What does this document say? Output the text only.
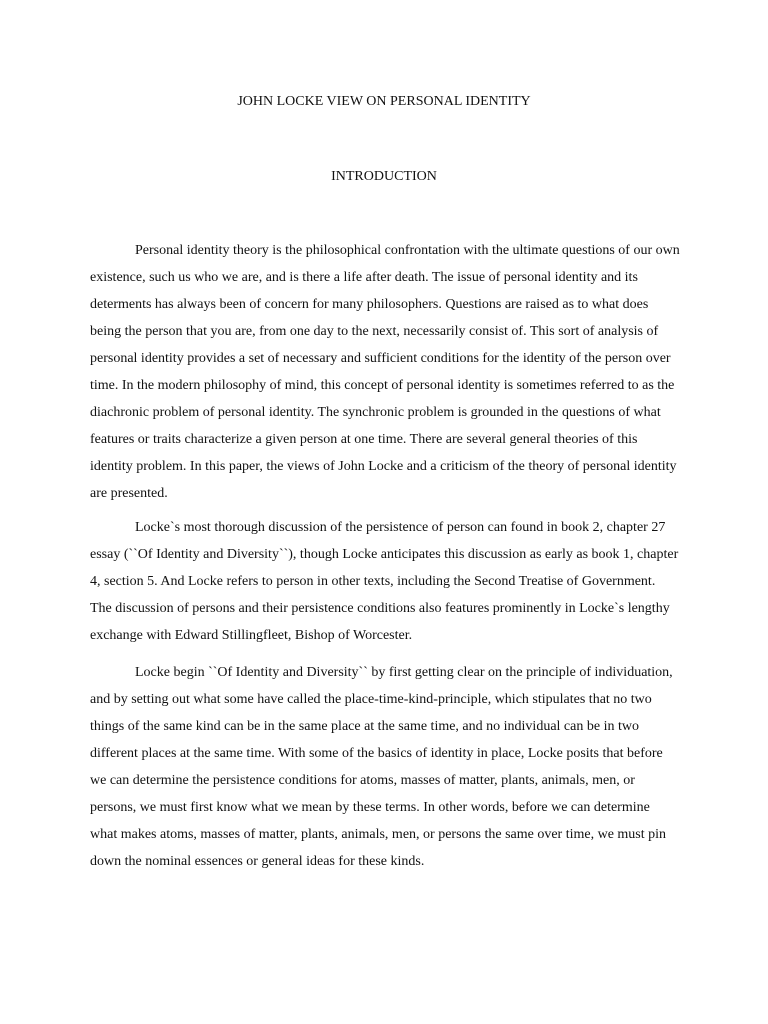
JOHN LOCKE VIEW ON PERSONAL IDENTITY
INTRODUCTION

Personal identity theory is the philosophical confrontation with the ultimate questions of our own existence, such us who we are, and is there a life after death. The issue of personal identity and its determents has always been of concern for many philosophers. Questions are raised as to what does being the person that you are, from one day to the next, necessarily consist of. This sort of analysis of personal identity provides a set of necessary and sufficient conditions for the identity of the person over time. In the modern philosophy of mind, this concept of personal identity is sometimes referred to as the diachronic problem of personal identity. The synchronic problem is grounded in the questions of what features or traits characterize a given person at one time. There are several general theories of this identity problem. In this paper, the views of John Locke and a criticism of the theory of personal identity are presented.

Locke`s most thorough discussion of the persistence of person can found in book 2, chapter 27 essay (``Of Identity and Diversity``), though Locke anticipates this discussion as early as book 1, chapter 4, section 5. And Locke refers to person in other texts, including the Second Treatise of Government. The discussion of persons and their persistence conditions also features prominently in Locke`s lengthy exchange with Edward Stillingfleet, Bishop of Worcester.

Locke begin ``Of Identity and Diversity`` by first getting clear on the principle of individuation, and by setting out what some have called the place-time-kind-principle, which stipulates that no two things of the same kind can be in the same place at the same time, and no individual can be in two different places at the same time. With some of the basics of identity in place, Locke posits that before we can determine the persistence conditions for atoms, masses of matter, plants, animals, men, or persons, we must first know what we mean by these terms. In other words, before we can determine what makes atoms, masses of matter, plants, animals, men, or persons the same over time, we must pin down the nominal essences or general ideas for these kinds.
